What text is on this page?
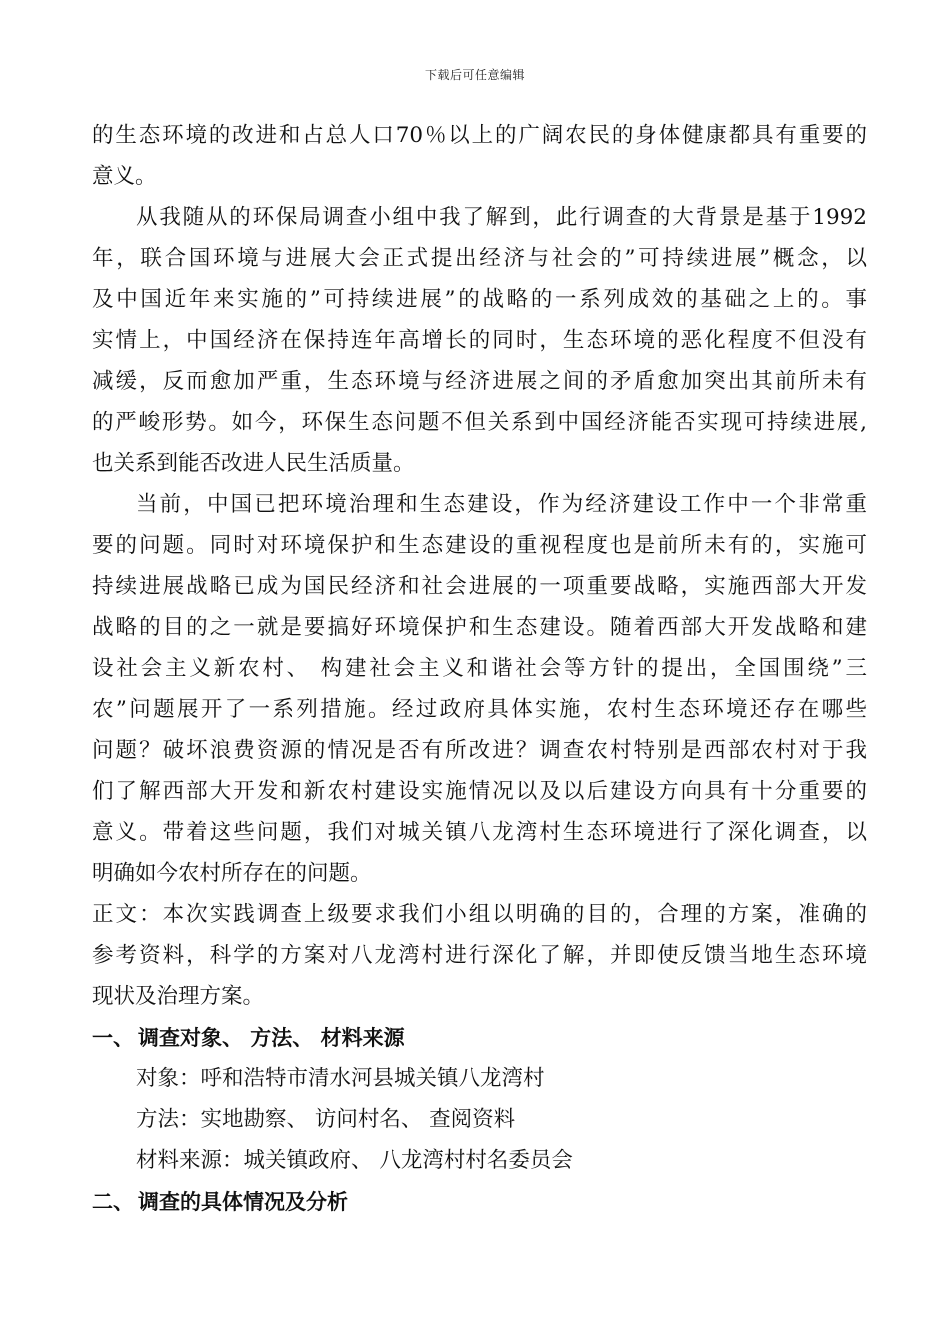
下载后可任意编辑
的生态环境的改进和占总人口70％以上的广阔农民的身体健康都具有重要的
意义。
从我随从的环保局调查小组中我了解到，此行调查的大背景是基于1992
年，联合国环境与进展大会正式提出经济与社会的”可持续进展”概念，以
及中国近年来实施的”可持续进展”的战略的一系列成效的基础之上的。事
实情上，中国经济在保持连年高增长的同时，生态环境的恶化程度不但没有
减缓，反而愈加严重，生态环境与经济进展之间的矛盾愈加突出其前所未有
的严峻形势。如今，环保生态问题不但关系到中国经济能否实现可持续进展,
也关系到能否改进人民生活质量。
当前，中国已把环境治理和生态建设，作为经济建设工作中一个非常重
要的问题。同时对环境保护和生态建设的重视程度也是前所未有的，实施可
持续进展战略已成为国民经济和社会进展的一项重要战略，实施西部大开发
战略的目的之一就是要搞好环境保护和生态建设。随着西部大开发战略和建
设社会主义新农村、 构建社会主义和谐社会等方针的提出，全国围绕”三
农”问题展开了一系列措施。经过政府具体实施，农村生态环境还存在哪些
问题？破坏浪费资源的情况是否有所改进？调查农村特别是西部农村对于我
们了解西部大开发和新农村建设实施情况以及以后建设方向具有十分重要的
意义。带着这些问题，我们对城关镇八龙湾村生态环境进行了深化调查，以
明确如今农村所存在的问题。
正文：本次实践调查上级要求我们小组以明确的目的，合理的方案，准确的
参考资料，科学的方案对八龙湾村进行深化了解，并即使反馈当地生态环境
现状及治理方案。
一、 调查对象、 方法、 材料来源
对象：呼和浩特市清水河县城关镇八龙湾村
方法：实地勘察、 访问村名、 查阅资料
材料来源：城关镇政府、 八龙湾村村名委员会
二、 调查的具体情况及分析
